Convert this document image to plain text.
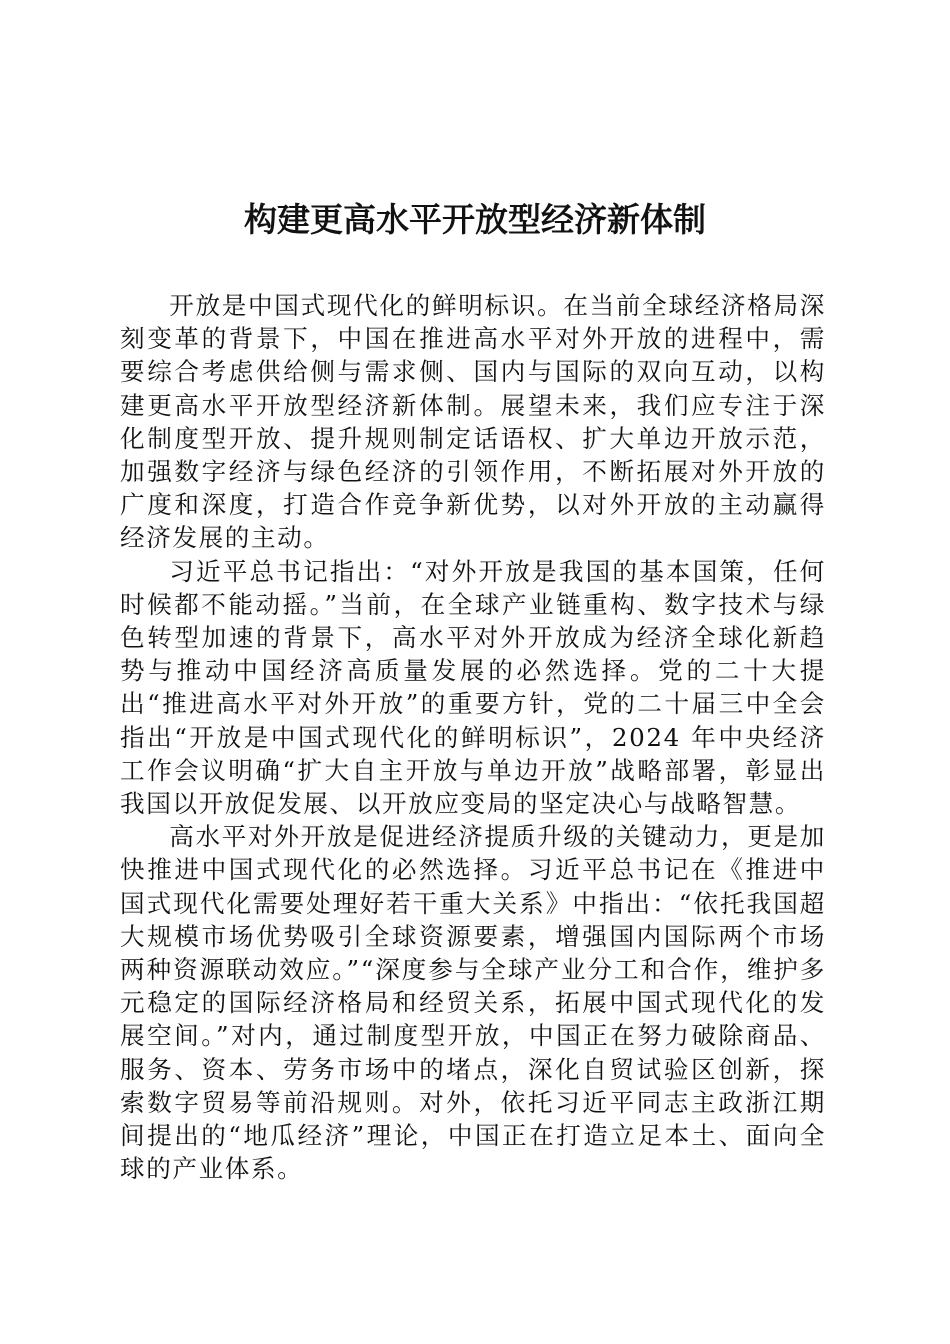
构建更高水平开放型经济新体制

开放是中国式现代化的鲜明标识。在当前全球经济格局深刻变革的背景下，中国在推进高水平对外开放的进程中，需要综合考虑供给侧与需求侧、国内与国际的双向互动，以构建更高水平开放型经济新体制。展望未来，我们应专注于深化制度型开放、提升规则制定话语权、扩大单边开放示范，加强数字经济与绿色经济的引领作用，不断拓展对外开放的广度和深度，打造合作竞争新优势，以对外开放的主动赢得经济发展的主动。

习近平总书记指出：“对外开放是我国的基本国策，任何时候都不能动摇。”当前，在全球产业链重构、数字技术与绿色转型加速的背景下，高水平对外开放成为经济全球化新趋势与推动中国经济高质量发展的必然选择。党的二十大提出“推进高水平对外开放”的重要方针，党的二十届三中全会指出“开放是中国式现代化的鲜明标识”，2024 年中央经济工作会议明确“扩大自主开放与单边开放”战略部署，彰显出我国以开放促发展、以开放应变局的坚定决心与战略智慧。

高水平对外开放是促进经济提质升级的关键动力，更是加快推进中国式现代化的必然选择。习近平总书记在《推进中国式现代化需要处理好若干重大关系》中指出：“依托我国超大规模市场优势吸引全球资源要素，增强国内国际两个市场两种资源联动效应。”“深度参与全球产业分工和合作，维护多元稳定的国际经济格局和经贸关系，拓展中国式现代化的发展空间。”对内，通过制度型开放，中国正在努力破除商品、服务、资本、劳务市场中的堵点，深化自贸试验区创新，探索数字贸易等前沿规则。对外，依托习近平同志主政浙江期间提出的“地瓜经济”理论，中国正在打造立足本土、面向全球的产业体系。
